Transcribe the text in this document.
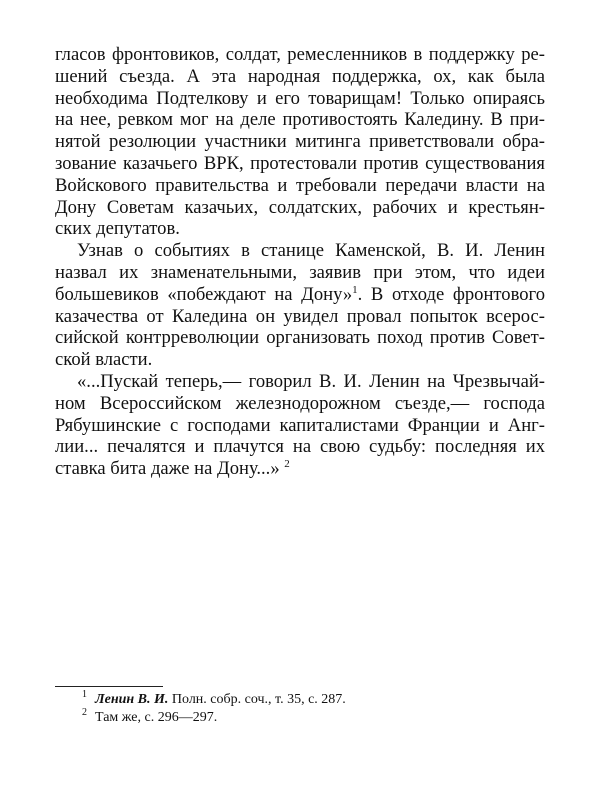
гласов фронтовиков, солдат, ремесленников в поддержку ре-
шений съезда. А эта народная поддержка, ох, как была
необходима Подтелкову и его товарищам! Только опираясь
на нее, ревком мог на деле противостоять Каледину. В при-
нятой резолюции участники митинга приветствовали обра-
зование казачьего ВРК, протестовали против существования
Войскового правительства и требовали передачи власти на
Дону Советам казачьих, солдатских, рабочих и крестьян-
ских депутатов.
Узнав о событиях в станице Каменской, В. И. Ленин
назвал их знаменательными, заявив при этом, что идеи
большевиков «побеждают на Дону»$^1$. В отходе фронтового
казачества от Каледина он увидел провал попыток всерос-
сийской контрреволюции организовать поход против Совет-
ской власти.
«...Пускай теперь,— говорил В. И. Ленин на Чрезвычай-
ном Всероссийском железнодорожном съезде,— господа
Рябушинские с господами капиталистами Франции и Анг-
лии... печалятся и плачутся на свою судьбу: последняя их
ставка бита даже на Дону...» $^2$
$^1$ Ленин В. И. Полн. собр. соч., т. 35, с. 287.
$^2$ Там же, с. 296—297.
